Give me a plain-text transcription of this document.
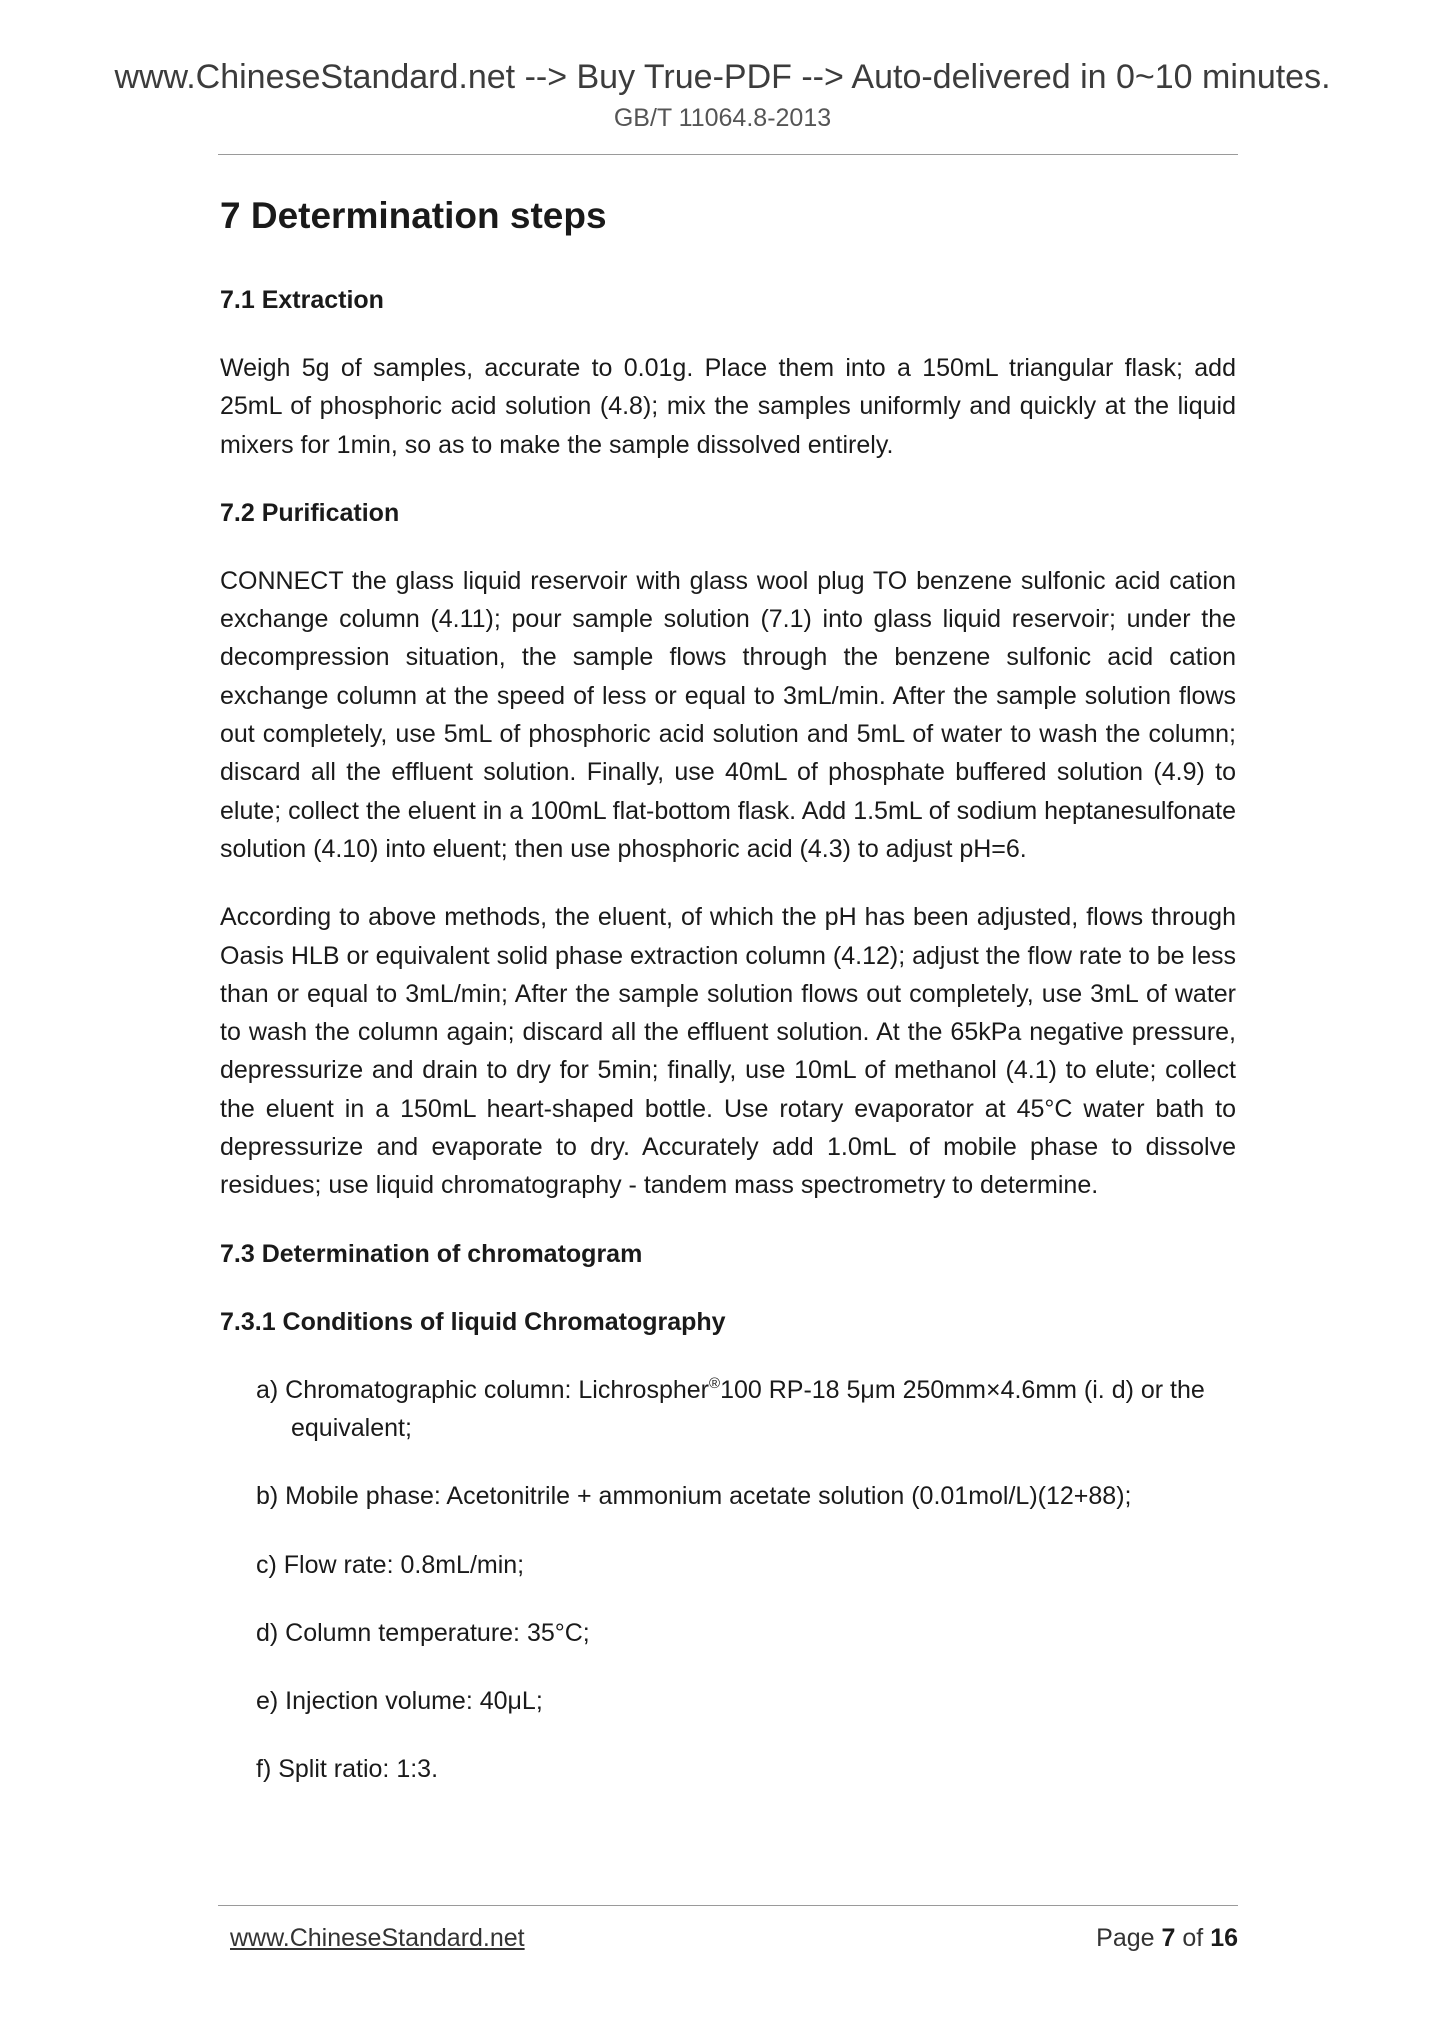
www.ChineseStandard.net --> Buy True-PDF --> Auto-delivered in 0~10 minutes.
GB/T 11064.8-2013
7 Determination steps
7.1 Extraction

Weigh 5g of samples, accurate to 0.01g. Place them into a 150mL triangular flask; add 25mL of phosphoric acid solution (4.8); mix the samples uniformly and quickly at the liquid mixers for 1min, so as to make the sample dissolved entirely.

7.2 Purification

CONNECT the glass liquid reservoir with glass wool plug TO benzene sulfonic acid cation exchange column (4.11); pour sample solution (7.1) into glass liquid reservoir; under the decompression situation, the sample flows through the benzene sulfonic acid cation exchange column at the speed of less or equal to 3mL/min. After the sample solution flows out completely, use 5mL of phosphoric acid solution and 5mL of water to wash the column; discard all the effluent solution. Finally, use 40mL of phosphate buffered solution (4.9) to elute; collect the eluent in a 100mL flat-bottom flask. Add 1.5mL of sodium heptanesulfonate solution (4.10) into eluent; then use phosphoric acid (4.3) to adjust pH=6.

According to above methods, the eluent, of which the pH has been adjusted, flows through Oasis HLB or equivalent solid phase extraction column (4.12); adjust the flow rate to be less than or equal to 3mL/min; After the sample solution flows out completely, use 3mL of water to wash the column again; discard all the effluent solution. At the 65kPa negative pressure, depressurize and drain to dry for 5min; finally, use 10mL of methanol (4.1) to elute; collect the eluent in a 150mL heart-shaped bottle. Use rotary evaporator at 45°C water bath to depressurize and evaporate to dry. Accurately add 1.0mL of mobile phase to dissolve residues; use liquid chromatography - tandem mass spectrometry to determine.

7.3 Determination of chromatogram
7.3.1 Conditions of liquid Chromatography
a) Chromatographic column: Lichrospher®100 RP-18 5μm 250mm×4.6mm (i. d) or the equivalent;
b) Mobile phase: Acetonitrile + ammonium acetate solution (0.01mol/L)(12+88);
c) Flow rate: 0.8mL/min;
d) Column temperature: 35°C;
e) Injection volume: 40μL;
f) Split ratio: 1:3.
www.ChineseStandard.net	Page 7 of 16
